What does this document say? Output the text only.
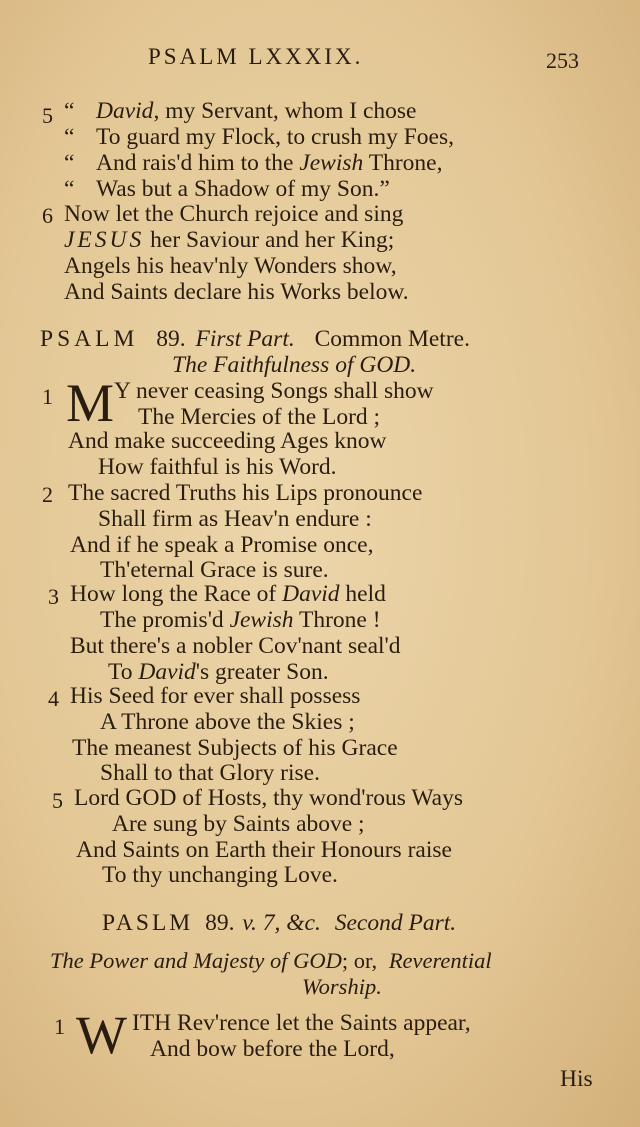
PSALM LXXXIX.	253
5 “ David, my Servant, whom I chose
“ To guard my Flock, to crush my Foes,
“ And rais'd him to the Jewish Throne,
“ Was but a Shadow of my Son.”
6 Now let the Church rejoice and sing
JESUS her Saviour and her King;
Angels his heav'nly Wonders show,
And Saints declare his Works below.
PSALM 89. First Part. Common Metre.
The Faithfulness of GOD.
1 M Y never ceasing Songs shall show
The Mercies of the Lord ;
And make succeeding Ages know
How faithful is his Word.
2 The sacred Truths his Lips pronounce
Shall firm as Heav'n endure :
And if he speak a Promise once,
Th'eternal Grace is sure.
3 How long the Race of David held
The promis'd Jewish Throne !
But there's a nobler Cov'nant seal'd
To David's greater Son.
4 His Seed for ever shall possess
A Throne above the Skies ;
The meanest Subjects of his Grace
Shall to that Glory rise.
5 Lord GOD of Hosts, thy wond'rous Ways
Are sung by Saints above ;
And Saints on Earth their Honours raise
To thy unchanging Love.
PASLM 89. v. 7, &c. Second Part.
The Power and Majesty of GOD; or, Reverential
Worship.
1 W ITH Rev'rence let the Saints appear,
And bow before the Lord,
His
